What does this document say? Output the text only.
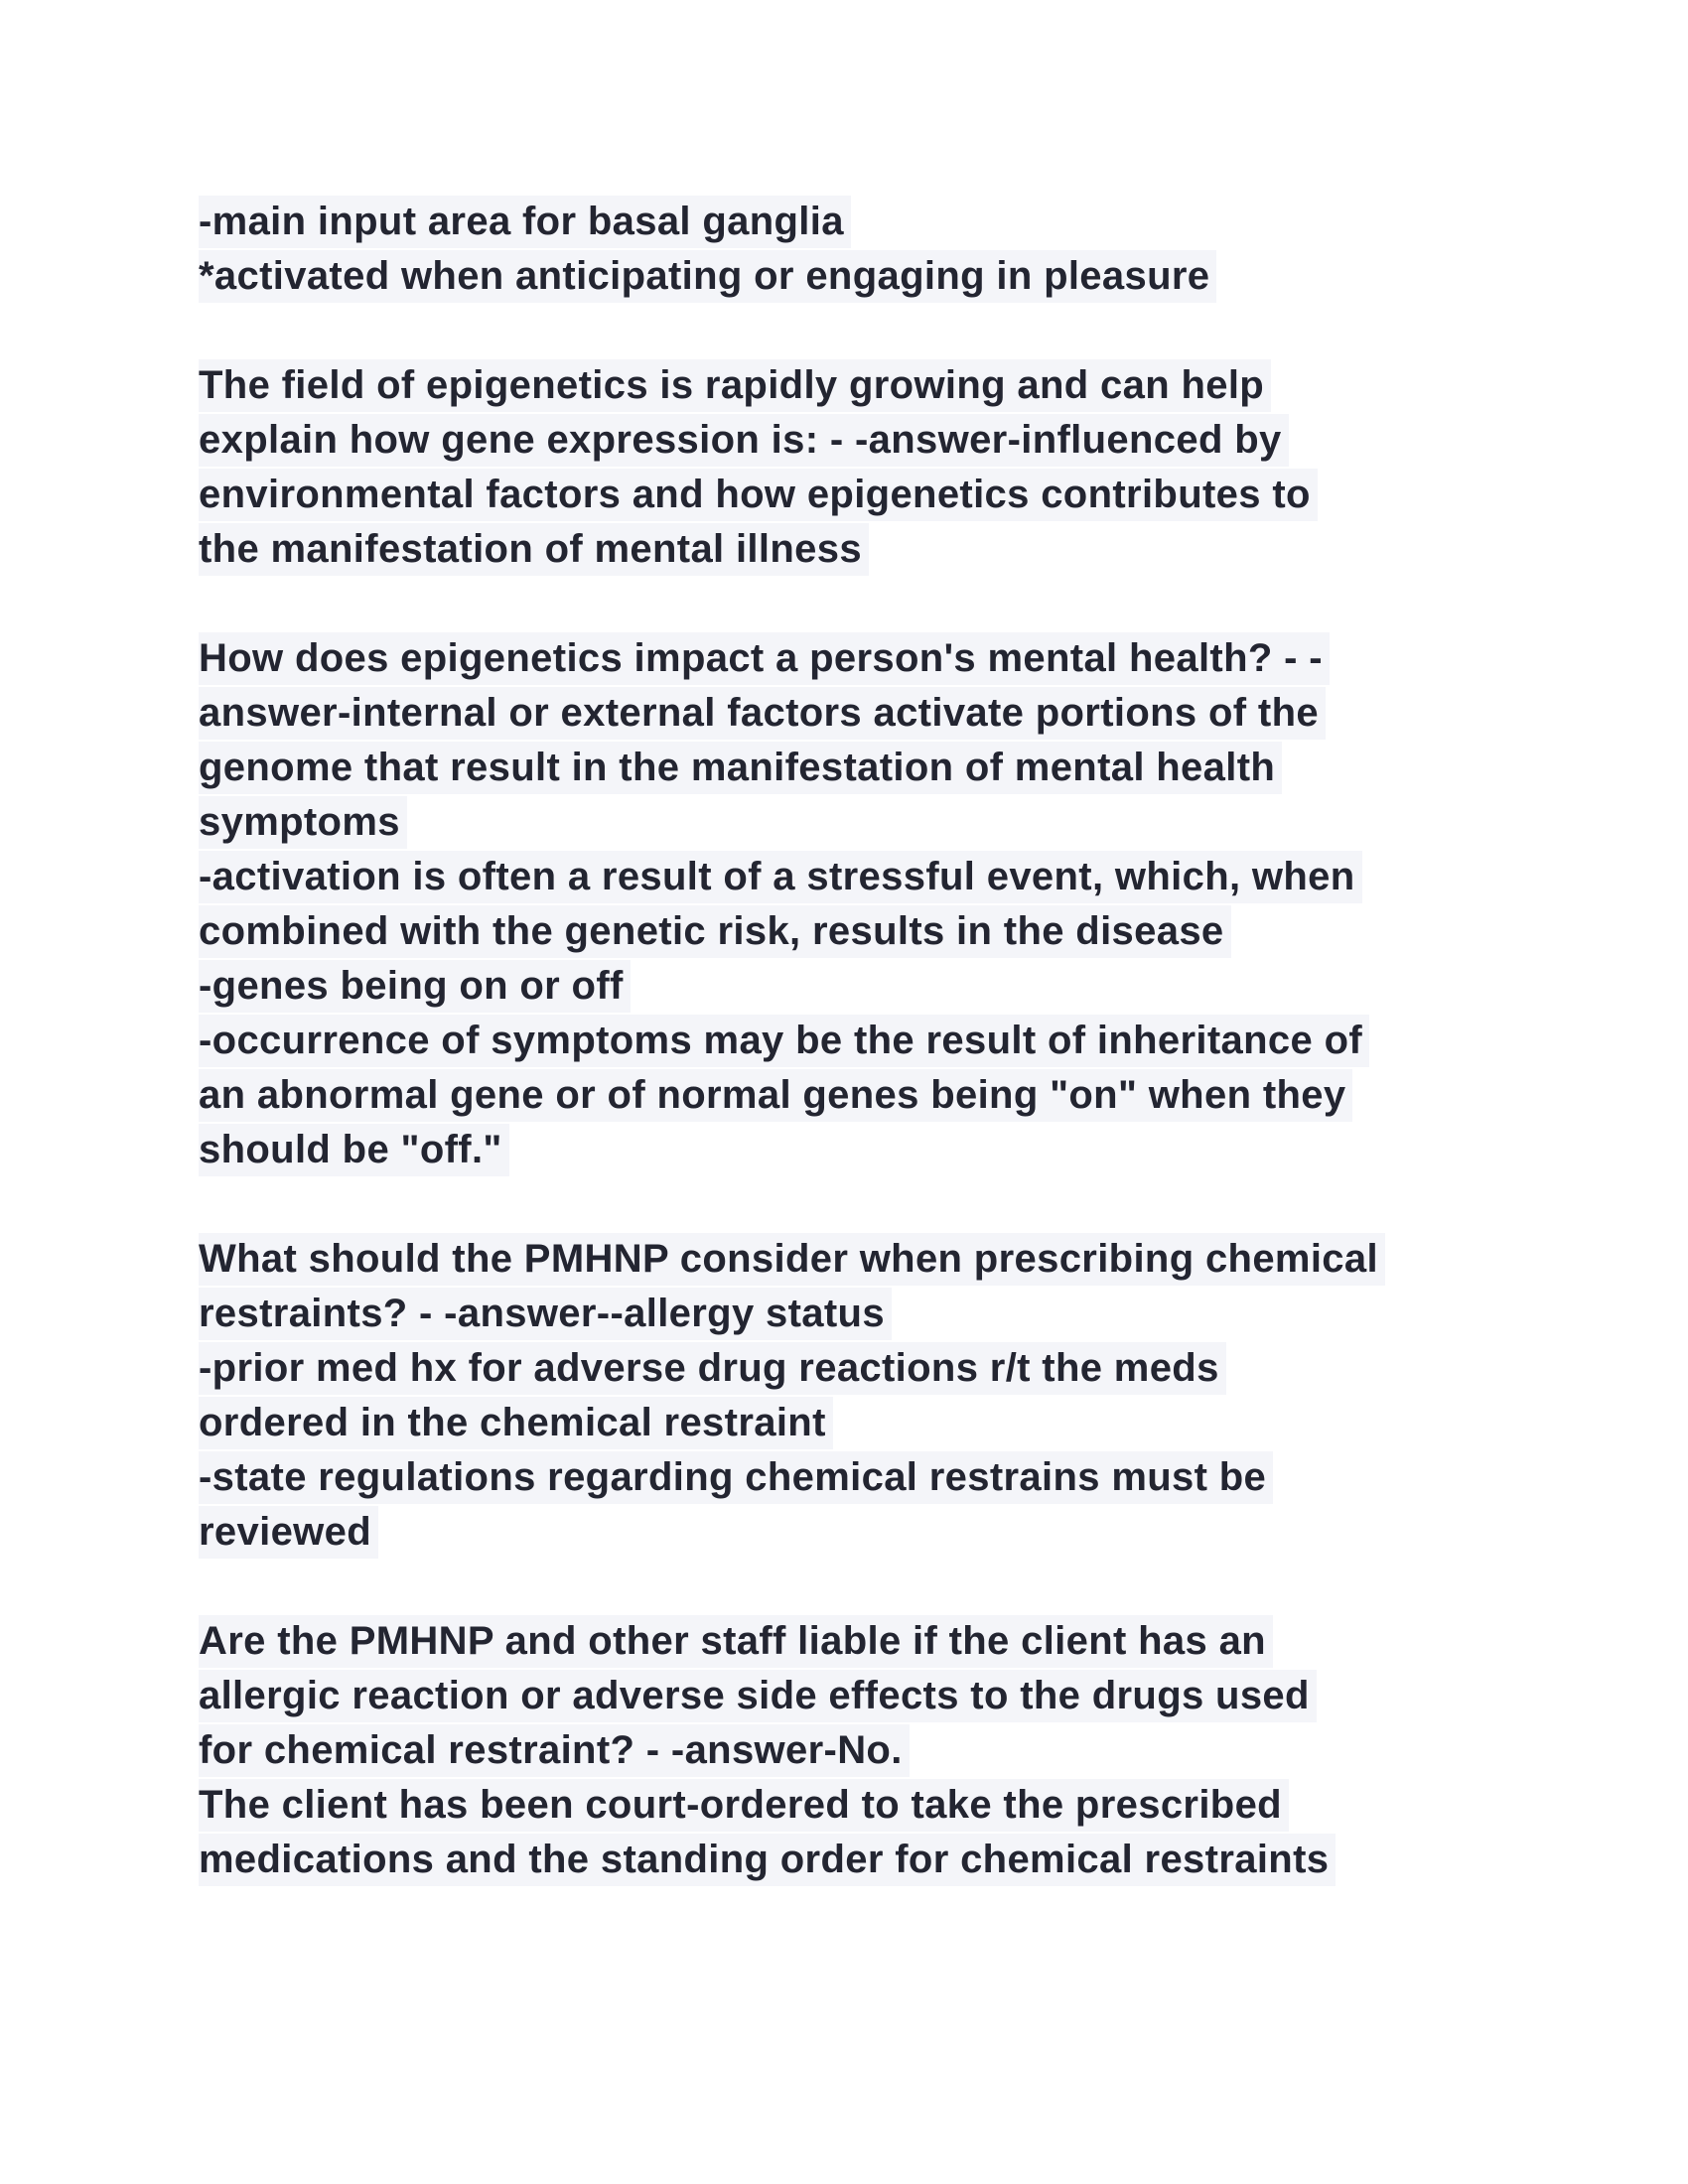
-main input area for basal ganglia
*activated when anticipating or engaging in pleasure
The field of epigenetics is rapidly growing and can help
explain how gene expression is: - -answer-influenced by
environmental factors and how epigenetics contributes to
the manifestation of mental illness
How does epigenetics impact a person's mental health? - -
answer-internal or external factors activate portions of the
genome that result in the manifestation of mental health
symptoms
-activation is often a result of a stressful event, which, when
combined with the genetic risk, results in the disease
-genes being on or off
-occurrence of symptoms may be the result of inheritance of
an abnormal gene or of normal genes being "on" when they
should be "off."
What should the PMHNP consider when prescribing chemical
restraints? - -answer--allergy status
-prior med hx for adverse drug reactions r/t the meds
ordered in the chemical restraint
-state regulations regarding chemical restrains must be
reviewed
Are the PMHNP and other staff liable if the client has an
allergic reaction or adverse side effects to the drugs used
for chemical restraint? - -answer-No.
The client has been court-ordered to take the prescribed
medications and the standing order for chemical restraints
